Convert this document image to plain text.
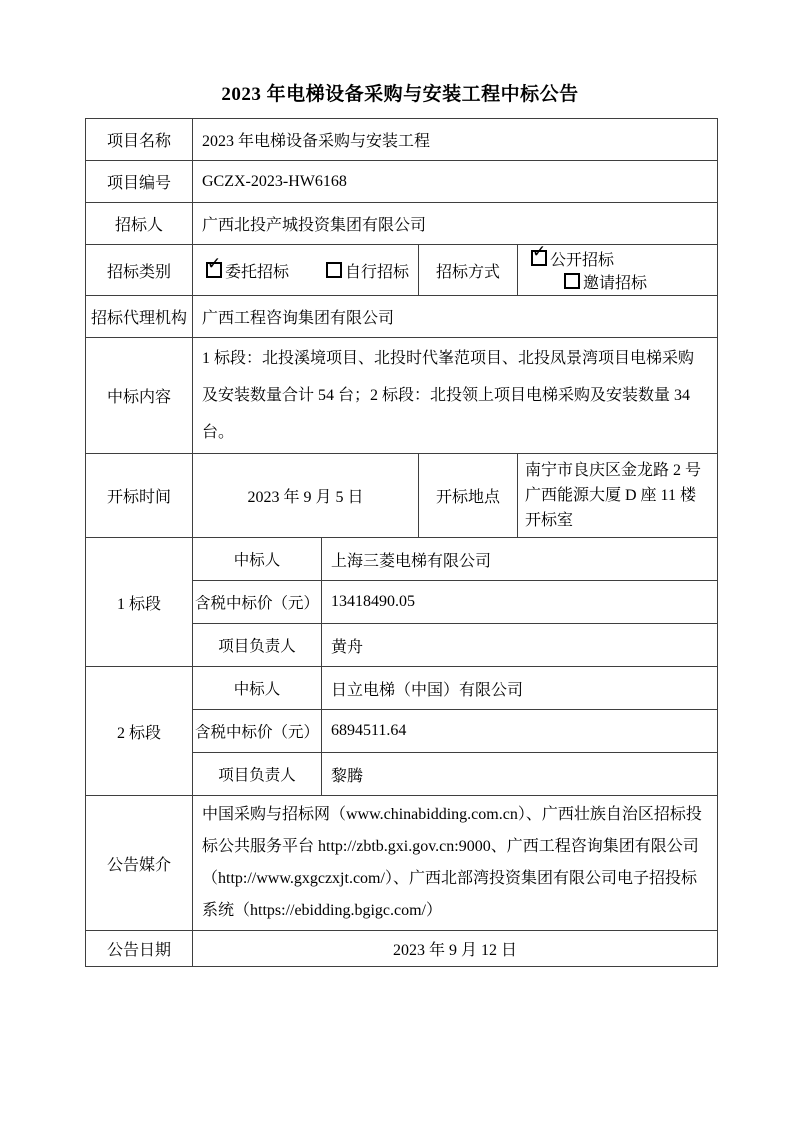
2023 年电梯设备采购与安装工程中标公告
项目名称	2023 年电梯设备采购与安装工程			
项目编号	GCZX-2023-HW6168			
招标人	广西北投产城投资集团有限公司			
招标类别	✓ 委托招标 自行招标		招标方式	✓ 公开招标 邀请招标
招标代理机构	广西工程咨询集团有限公司			
中标内容	1 标段：北投溪境项目、北投时代峯范项目、北投凤景湾项目电梯采购及安装数量合计 54 台；2 标段：北投领上项目电梯采购及安装数量 34 台。			
开标时间	2023 年 9 月 5 日		开标地点	南宁市良庆区金龙路 2 号广西能源大厦 D 座 11 楼开标室
1 标段	中标人	上海三菱电梯有限公司		
	含税中标价（元）	13418490.05		
	项目负责人	黄舟		
2 标段	中标人	日立电梯（中国）有限公司		
	含税中标价（元）	6894511.64		
	项目负责人	黎腾		
公告媒介	中国采购与招标网（www.chinabidding.com.cn）、广西壮族自治区招标投标公共服务平台 http://zbtb.gxi.gov.cn:9000、广西工程咨询集团有限公司（http://www.gxgczxjt.com/）、广西北部湾投资集团有限公司电子招投标系统（https://ebidding.bgigc.com/）			
公告日期	2023 年 9 月 12 日			
